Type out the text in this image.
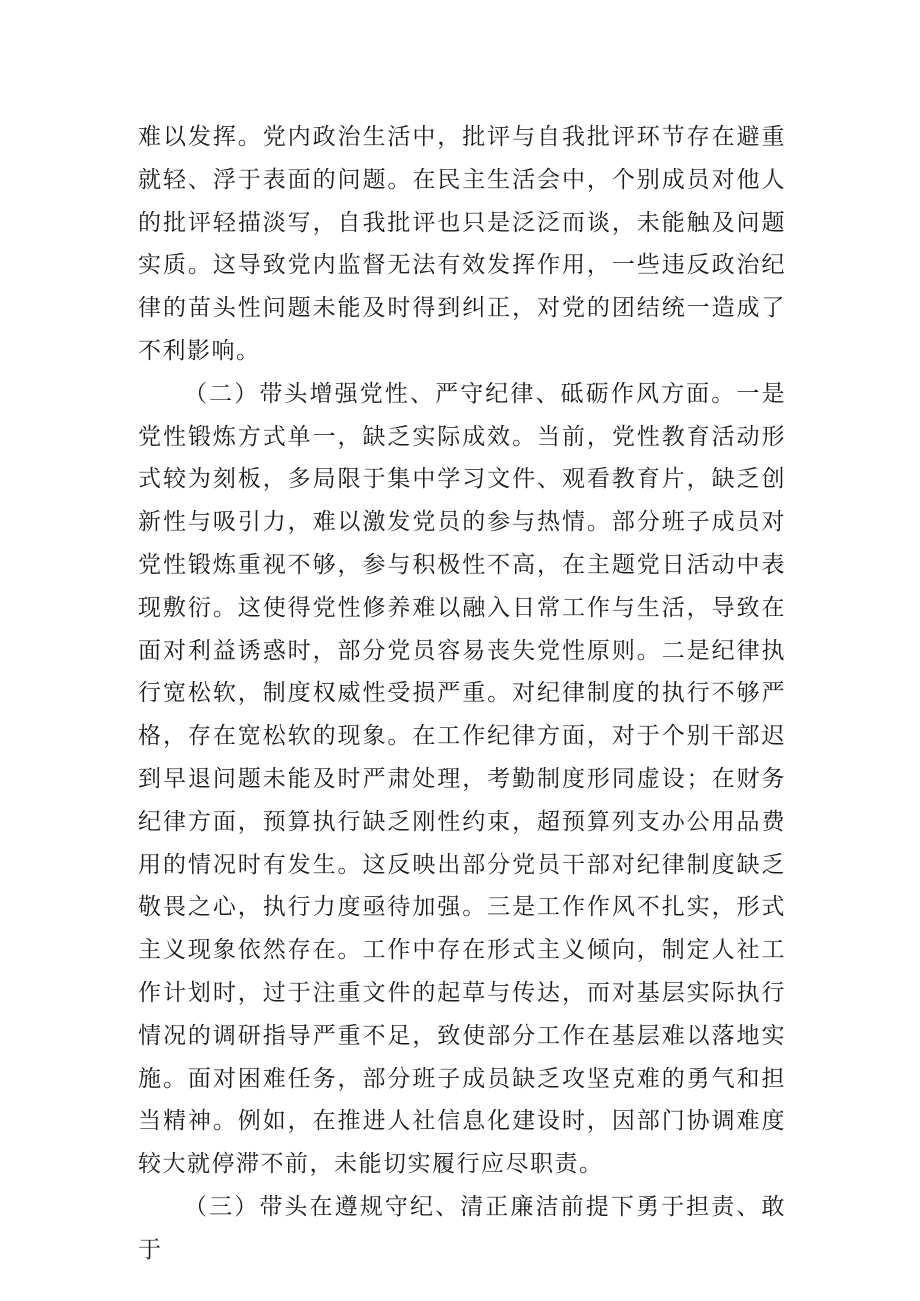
难以发挥。党内政治生活中，批评与自我批评环节存在避重就轻、浮于表面的问题。在民主生活会中，个别成员对他人的批评轻描淡写，自我批评也只是泛泛而谈，未能触及问题实质。这导致党内监督无法有效发挥作用，一些违反政治纪律的苗头性问题未能及时得到纠正，对党的团结统一造成了不利影响。

（二）带头增强党性、严守纪律、砥砺作风方面。一是党性锻炼方式单一，缺乏实际成效。当前，党性教育活动形式较为刻板，多局限于集中学习文件、观看教育片，缺乏创新性与吸引力，难以激发党员的参与热情。部分班子成员对党性锻炼重视不够，参与积极性不高，在主题党日活动中表现敷衍。这使得党性修养难以融入日常工作与生活，导致在面对利益诱惑时，部分党员容易丧失党性原则。二是纪律执行宽松软，制度权威性受损严重。对纪律制度的执行不够严格，存在宽松软的现象。在工作纪律方面，对于个别干部迟到早退问题未能及时严肃处理，考勤制度形同虚设；在财务纪律方面，预算执行缺乏刚性约束，超预算列支办公用品费用的情况时有发生。这反映出部分党员干部对纪律制度缺乏敬畏之心，执行力度亟待加强。三是工作作风不扎实，形式主义现象依然存在。工作中存在形式主义倾向，制定人社工作计划时，过于注重文件的起草与传达，而对基层实际执行情况的调研指导严重不足，致使部分工作在基层难以落地实施。面对困难任务，部分班子成员缺乏攻坚克难的勇气和担当精神。例如，在推进人社信息化建设时，因部门协调难度较大就停滞不前，未能切实履行应尽职责。

（三）带头在遵规守纪、清正廉洁前提下勇于担责、敢于
